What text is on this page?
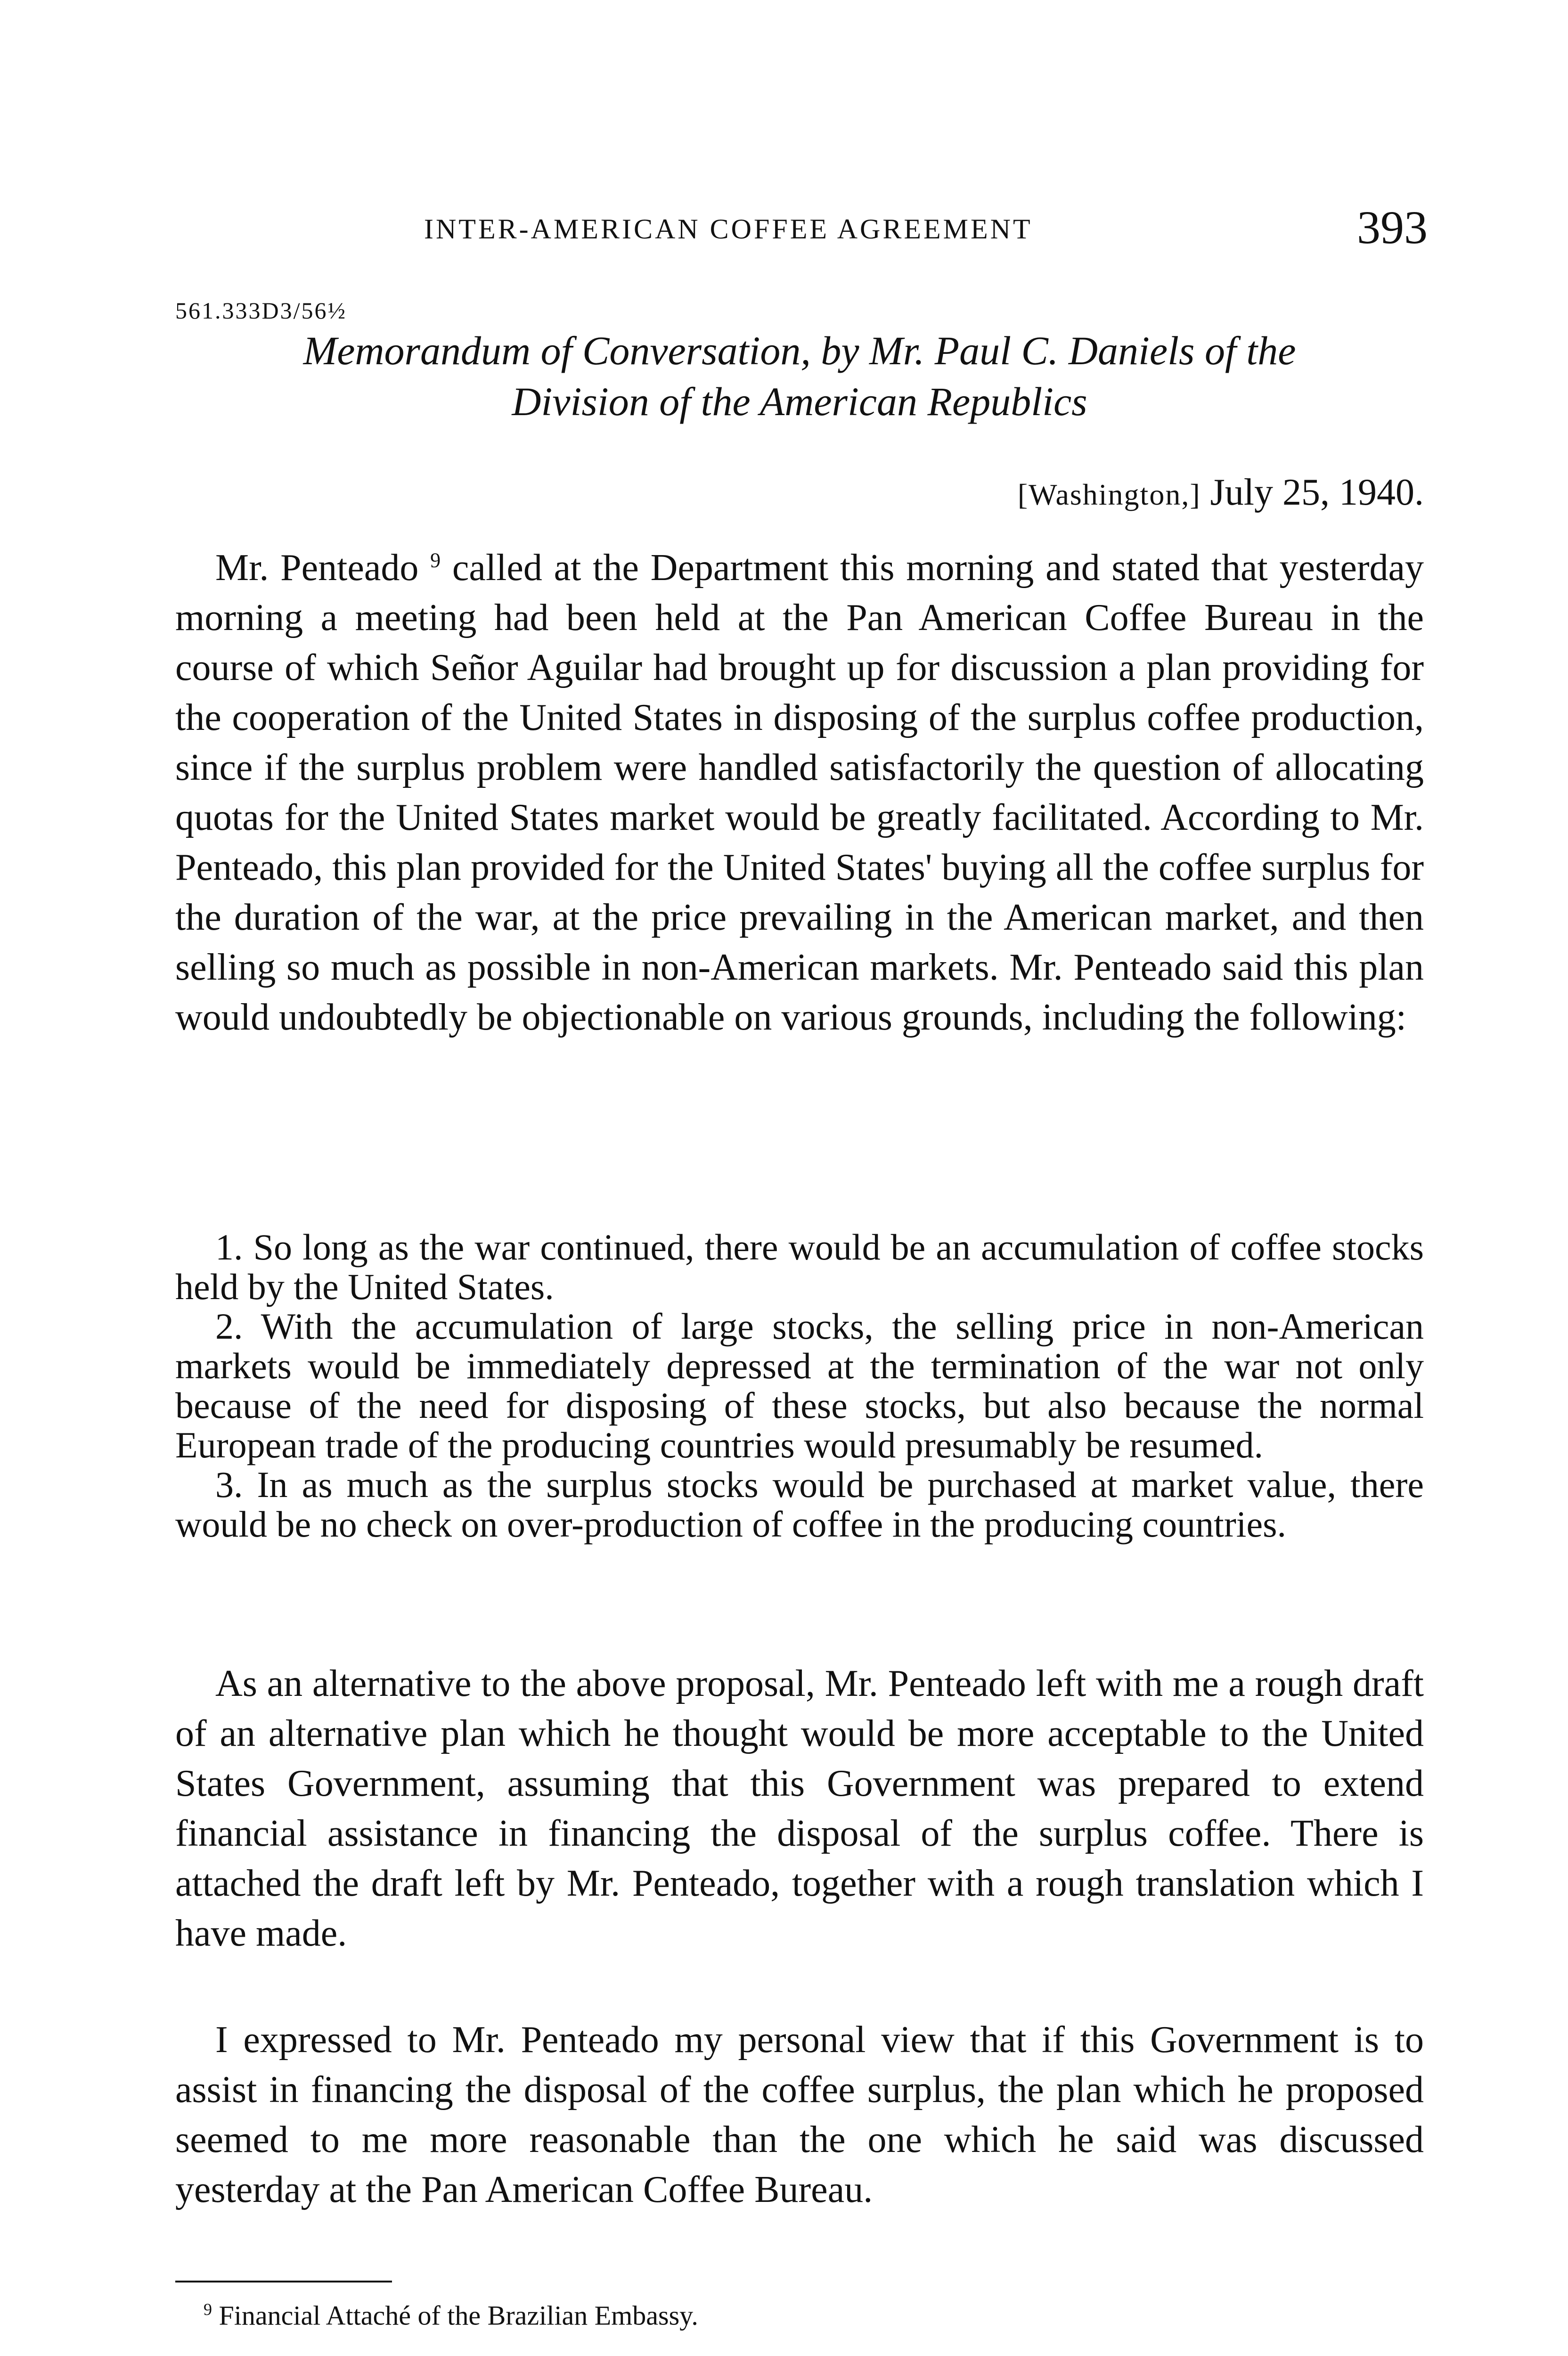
INTER-AMERICAN COFFEE AGREEMENT	393
561.333D3/56½
Memorandum of Conversation, by Mr. Paul C. Daniels of the
Division of the American Republics
[Washington,] July 25, 1940.

Mr. Penteado $^9$ called at the Department this morning and stated that yesterday morning a meeting had been held at the Pan American Coffee Bureau in the course of which Señor Aguilar had brought up for discussion a plan providing for the cooperation of the United States in disposing of the surplus coffee production, since if the surplus problem were handled satisfactorily the question of allocating quotas for the United States market would be greatly facilitated. According to Mr. Penteado, this plan provided for the United States' buying all the coffee surplus for the duration of the war, at the price prevailing in the American market, and then selling so much as possible in non-American markets. Mr. Penteado said this plan would undoubtedly be objectionable on various grounds, including the following:

1. So long as the war continued, there would be an accumulation of coffee stocks held by the United States.

2. With the accumulation of large stocks, the selling price in non-American markets would be immediately depressed at the termination of the war not only because of the need for disposing of these stocks, but also because the normal European trade of the producing countries would presumably be resumed.

3. In as much as the surplus stocks would be purchased at market value, there would be no check on over-production of coffee in the producing countries.

As an alternative to the above proposal, Mr. Penteado left with me a rough draft of an alternative plan which he thought would be more acceptable to the United States Government, assuming that this Government was prepared to extend financial assistance in financing the disposal of the surplus coffee. There is attached the draft left by Mr. Penteado, together with a rough translation which I have made.

I expressed to Mr. Penteado my personal view that if this Government is to assist in financing the disposal of the coffee surplus, the plan which he proposed seemed to me more reasonable than the one which he said was discussed yesterday at the Pan American Coffee Bureau.

$^9$ Financial Attaché of the Brazilian Embassy.
